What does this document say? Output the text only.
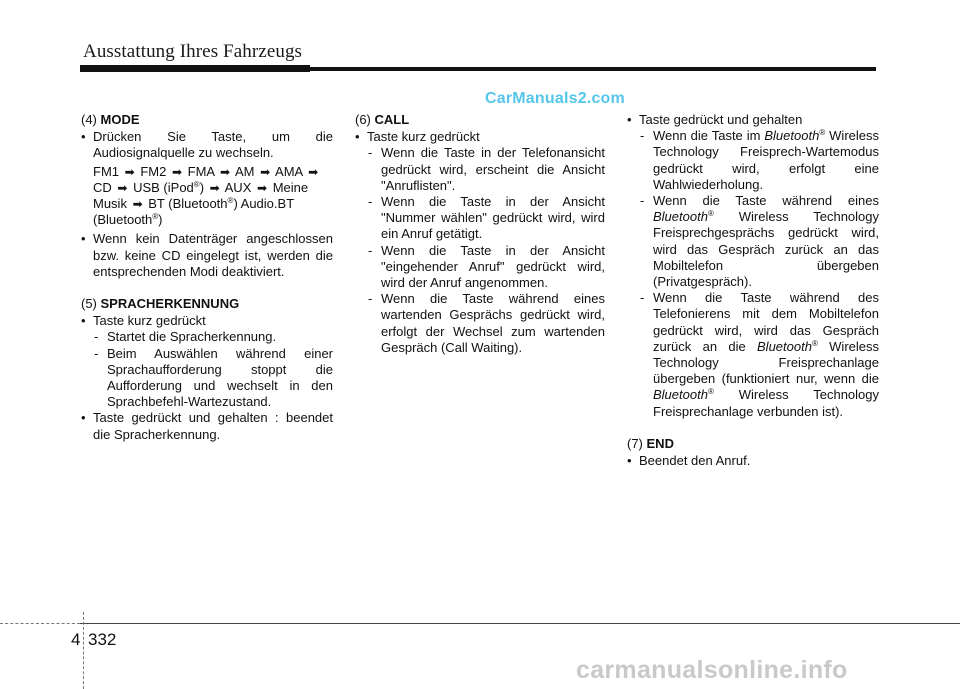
Ausstattung Ihres Fahrzeugs
CarManuals2.com
(4) MODE
• Drücken Sie Taste, um die Audiosignalquelle zu wechseln.
FM1 ➡ FM2 ➡ FMA ➡ AM ➡ AMA ➡
CD ➡ USB (iPod®) ➡ AUX ➡ Meine
Musik ➡ BT (Bluetooth®) Audio.BT
(Bluetooth®)
• Wenn kein Datenträger angeschlossen bzw. keine CD eingelegt ist, werden die entsprechenden Modi deaktiviert.
(5) SPRACHERKENNUNG
• Taste kurz gedrückt
- Startet die Spracherkennung.
- Beim Auswählen während einer Sprachaufforderung stoppt die Aufforderung und wechselt in den Sprachbefehl-Wartezustand.
• Taste gedrückt und gehalten : beendet die Spracherkennung.
(6) CALL
• Taste kurz gedrückt
- Wenn die Taste in der Telefonansicht gedrückt wird, erscheint die Ansicht "Anruflisten".
- Wenn die Taste in der Ansicht "Nummer wählen" gedrückt wird, wird ein Anruf getätigt.
- Wenn die Taste in der Ansicht "eingehender Anruf" gedrückt wird, wird der Anruf angenommen.
- Wenn die Taste während eines wartenden Gesprächs gedrückt wird, erfolgt der Wechsel zum wartenden Gespräch (Call Waiting).
• Taste gedrückt und gehalten
- Wenn die Taste im Bluetooth® Wireless Technology Freisprech-Wartemodus gedrückt wird, erfolgt eine Wahlwiederholung.
- Wenn die Taste während eines Bluetooth® Wireless Technology Freisprechgesprächs gedrückt wird, wird das Gespräch zurück an das Mobiltelefon übergeben (Privatgespräch).
- Wenn die Taste während des Telefonierens mit dem Mobiltelefon gedrückt wird, wird das Gespräch zurück an die Bluetooth® Wireless Technology Freisprechanlage übergeben (funktioniert nur, wenn die Bluetooth® Wireless Technology Freisprechanlage verbunden ist).
(7) END
• Beendet den Anruf.
4 332
carmanualsonline.info
